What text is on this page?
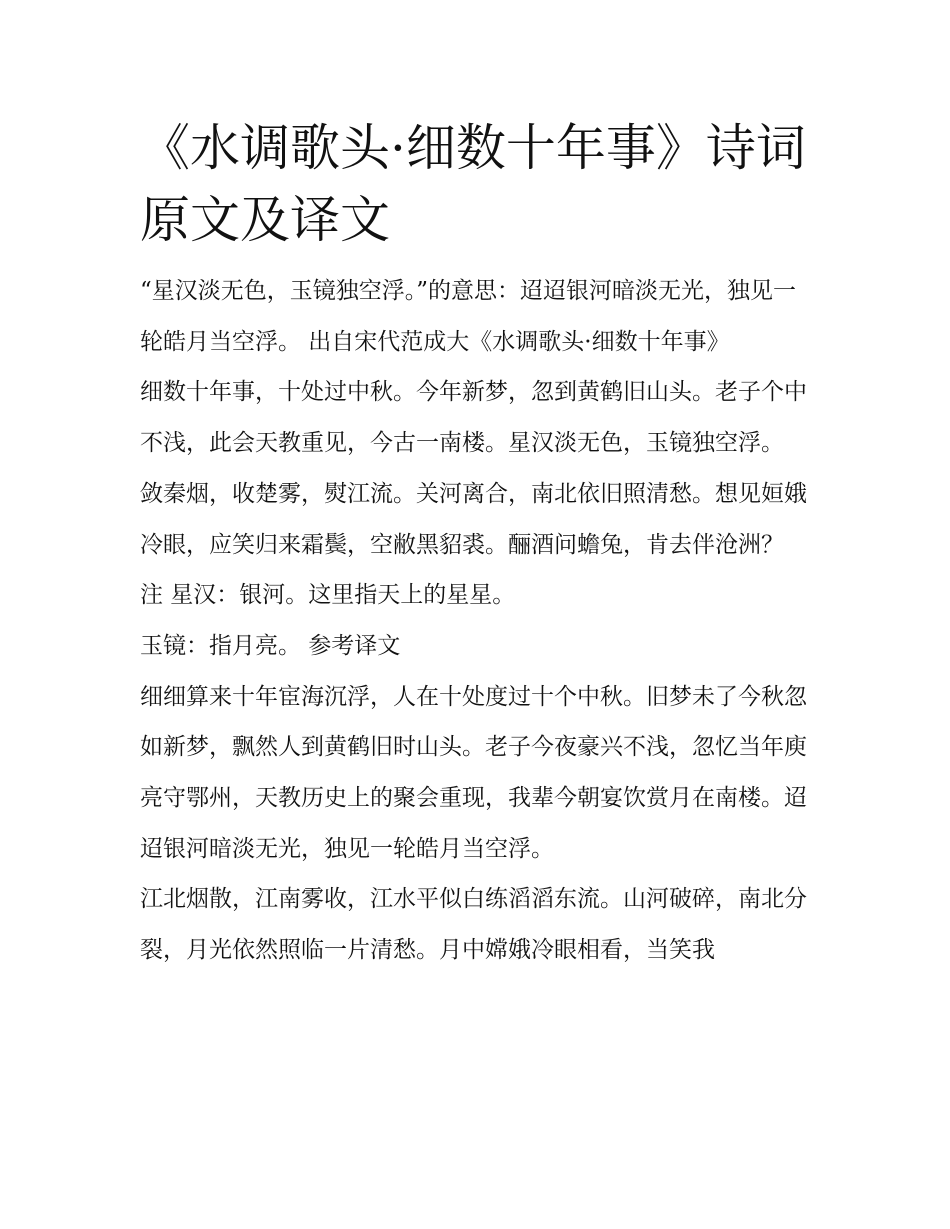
《水调歌头·细数十年事》诗词原文及译文

“星汉淡无色，玉镜独空浮。”的意思：迢迢银河暗淡无光，独见一轮皓月当空浮。 出自宋代范成大《水调歌头·细数十年事》

细数十年事，十处过中秋。今年新梦，忽到黄鹤旧山头。老子个中不浅，此会天教重见，今古一南楼。星汉淡无色，玉镜独空浮。

敛秦烟，收楚雾，熨江流。关河离合，南北依旧照清愁。想见姮娥冷眼，应笑归来霜鬓，空敝黑貂裘。酾酒问蟾兔，肯去伴沧洲？ 注 星汉：银河。这里指天上的星星。

玉镜：指月亮。 参考译文

细细算来十年宦海沉浮，人在十处度过十个中秋。旧梦未了今秋忽如新梦，飘然人到黄鹤旧时山头。老子今夜豪兴不浅，忽忆当年庾亮守鄂州，天教历史上的聚会重现，我辈今朝宴饮赏月在南楼。迢迢银河暗淡无光，独见一轮皓月当空浮。

江北烟散，江南雾收，江水平似白练滔滔东流。山河破碎，南北分裂，月光依然照临一片清愁。月中嫦娥冷眼相看，当笑我
